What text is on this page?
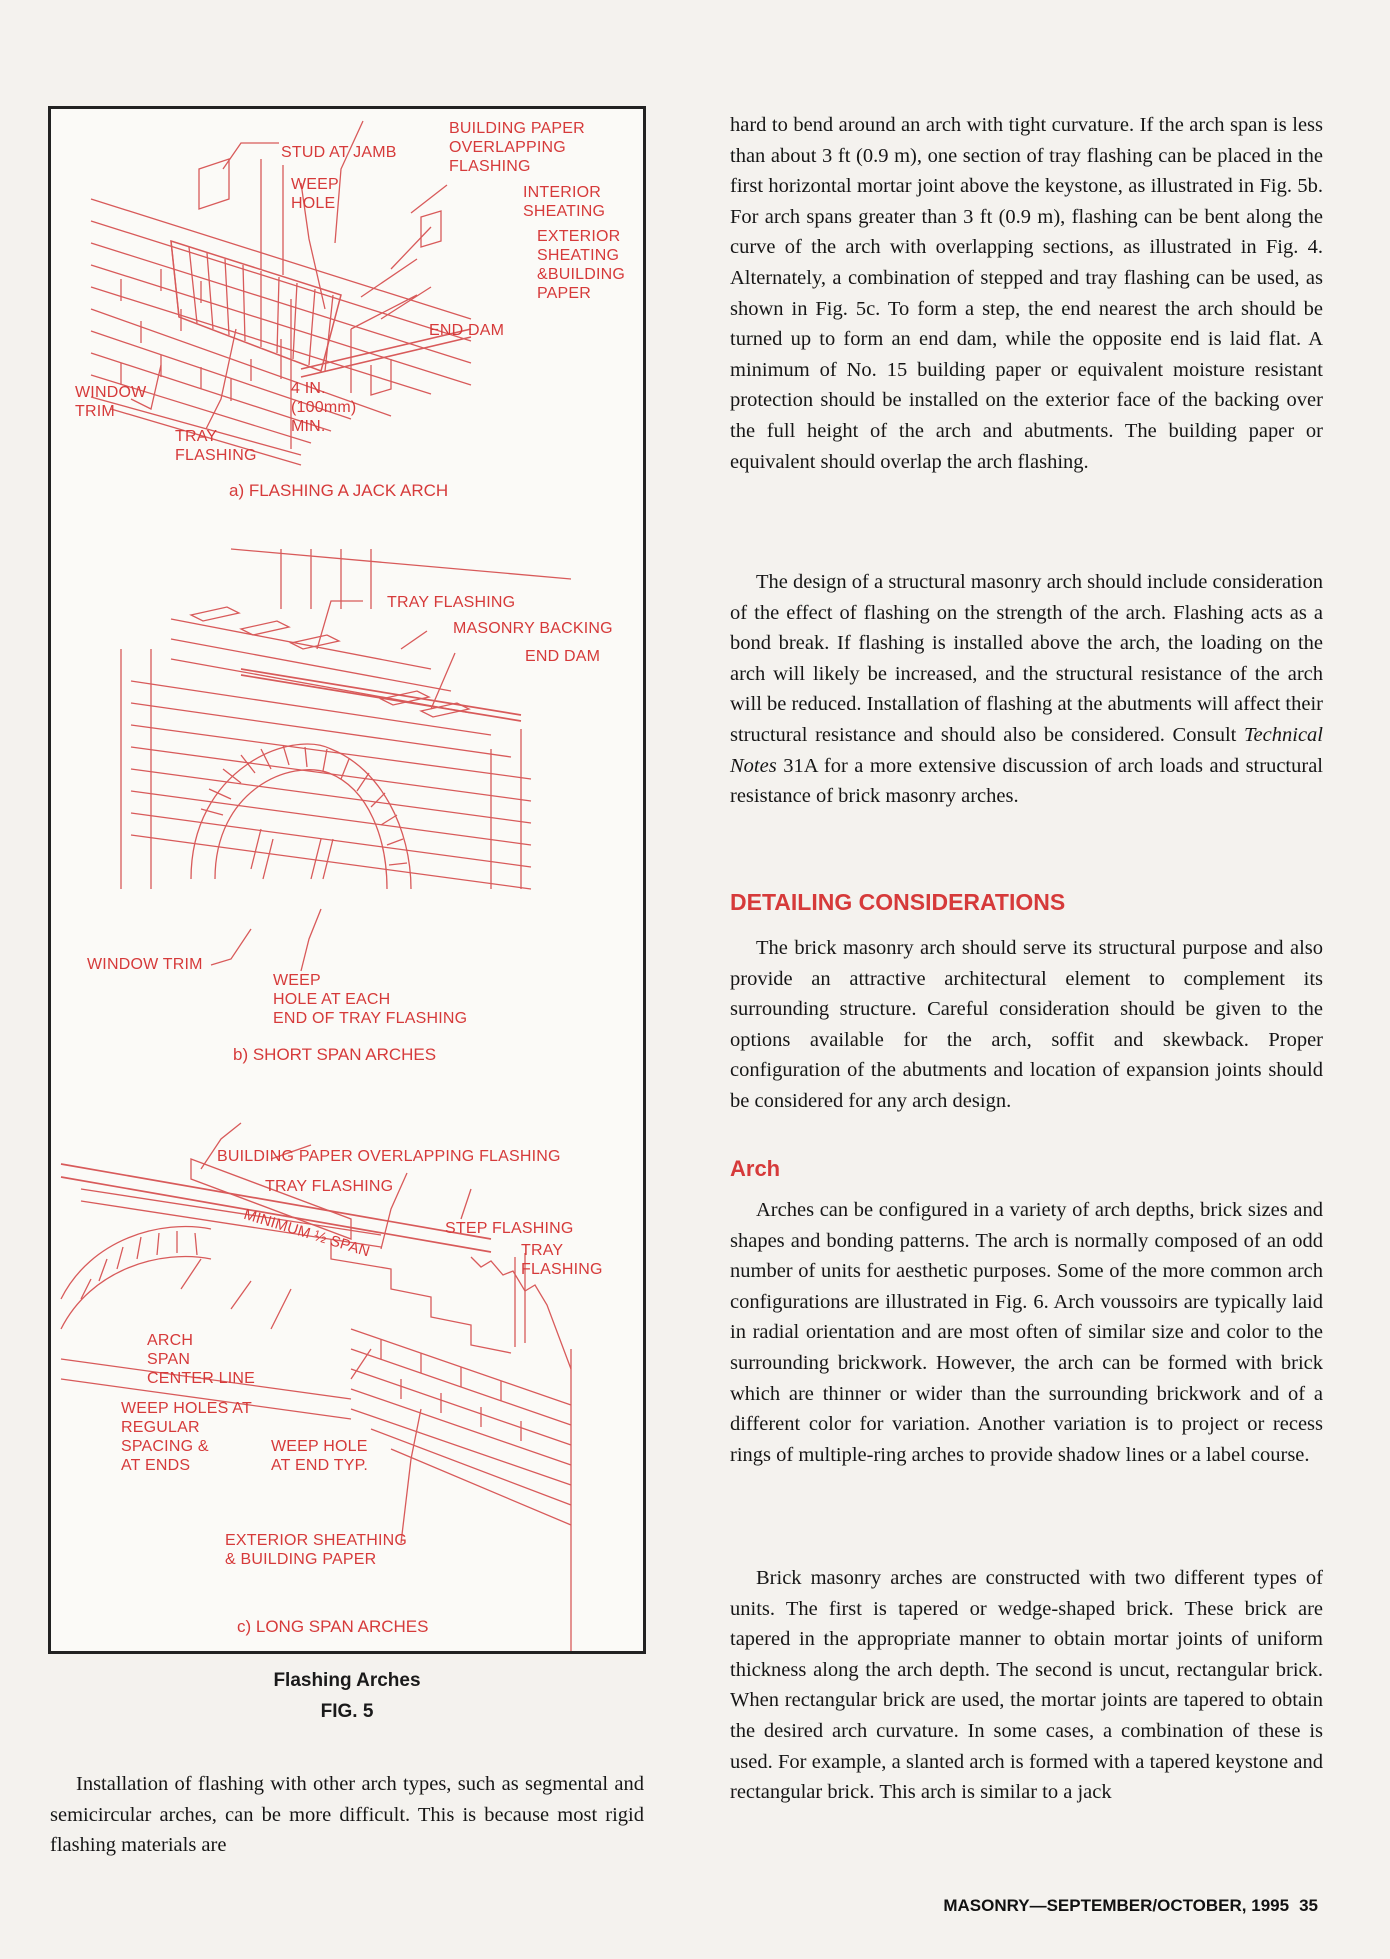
BUILDING PAPER
OVERLAPPING
FLASHING
STUD AT JAMB
WEEP
HOLE
INTERIOR
SHEATING
EXTERIOR
SHEATING
&BUILDING
PAPER
END DAM
WINDOW
TRIM
4 IN.
(100mm)
MIN.
TRAY
FLASHING
a) FLASHING A JACK ARCH
TRAY FLASHING
MASONRY BACKING
END DAM
WINDOW TRIM
WEEP
HOLE AT EACH
END OF TRAY FLASHING
b) SHORT SPAN ARCHES
BUILDING PAPER OVERLAPPING FLASHING
TRAY FLASHING
MINIMUM ½ SPAN	STEP FLASHING
TRAY
FLASHING
ARCH
SPAN
CENTER LINE
WEEP HOLES AT
REGULAR
SPACING &
AT ENDS
WEEP HOLE
AT END TYP.
EXTERIOR SHEATHING
& BUILDING PAPER
c) LONG SPAN ARCHES
Flashing Arches
FIG. 5

Installation of flashing with other arch types, such as segmental and semicircular arches, can be more difficult. This is because most rigid flashing materials are

hard to bend around an arch with tight curvature. If the arch span is less than about 3 ft (0.9 m), one section of tray flashing can be placed in the first horizontal mortar joint above the keystone, as illustrated in Fig. 5b. For arch spans greater than 3 ft (0.9 m), flashing can be bent along the curve of the arch with overlapping sections, as illustrated in Fig. 4. Alternately, a combination of stepped and tray flashing can be used, as shown in Fig. 5c. To form a step, the end nearest the arch should be turned up to form an end dam, while the opposite end is laid flat. A minimum of No. 15 building paper or equivalent moisture resistant protection should be installed on the exterior face of the backing over the full height of the arch and abutments. The building paper or equivalent should overlap the arch flashing.

The design of a structural masonry arch should include consideration of the effect of flashing on the strength of the arch. Flashing acts as a bond break. If flashing is installed above the arch, the loading on the arch will likely be increased, and the structural resistance of the arch will be reduced. Installation of flashing at the abutments will affect their structural resistance and should also be considered. Consult Technical Notes 31A for a more extensive discussion of arch loads and structural resistance of brick masonry arches.

DETAILING CONSIDERATIONS

The brick masonry arch should serve its structural purpose and also provide an attractive architectural element to complement its surrounding structure. Careful consideration should be given to the options available for the arch, soffit and skewback. Proper configuration of the abutments and location of expansion joints should be considered for any arch design.

Arch

Arches can be configured in a variety of arch depths, brick sizes and shapes and bonding patterns. The arch is normally composed of an odd number of units for aesthetic purposes. Some of the more common arch configurations are illustrated in Fig. 6. Arch voussoirs are typically laid in radial orientation and are most often of similar size and color to the surrounding brickwork. However, the arch can be formed with brick which are thinner or wider than the surrounding brickwork and of a different color for variation. Another variation is to project or recess rings of multiple-ring arches to provide shadow lines or a label course.

Brick masonry arches are constructed with two different types of units. The first is tapered or wedge-shaped brick. These brick are tapered in the appropriate manner to obtain mortar joints of uniform thickness along the arch depth. The second is uncut, rectangular brick. When rectangular brick are used, the mortar joints are tapered to obtain the desired arch curvature. In some cases, a combination of these is used. For example, a slanted arch is formed with a tapered keystone and rectangular brick. This arch is similar to a jack

MASONRY—SEPTEMBER/OCTOBER, 1995 35
